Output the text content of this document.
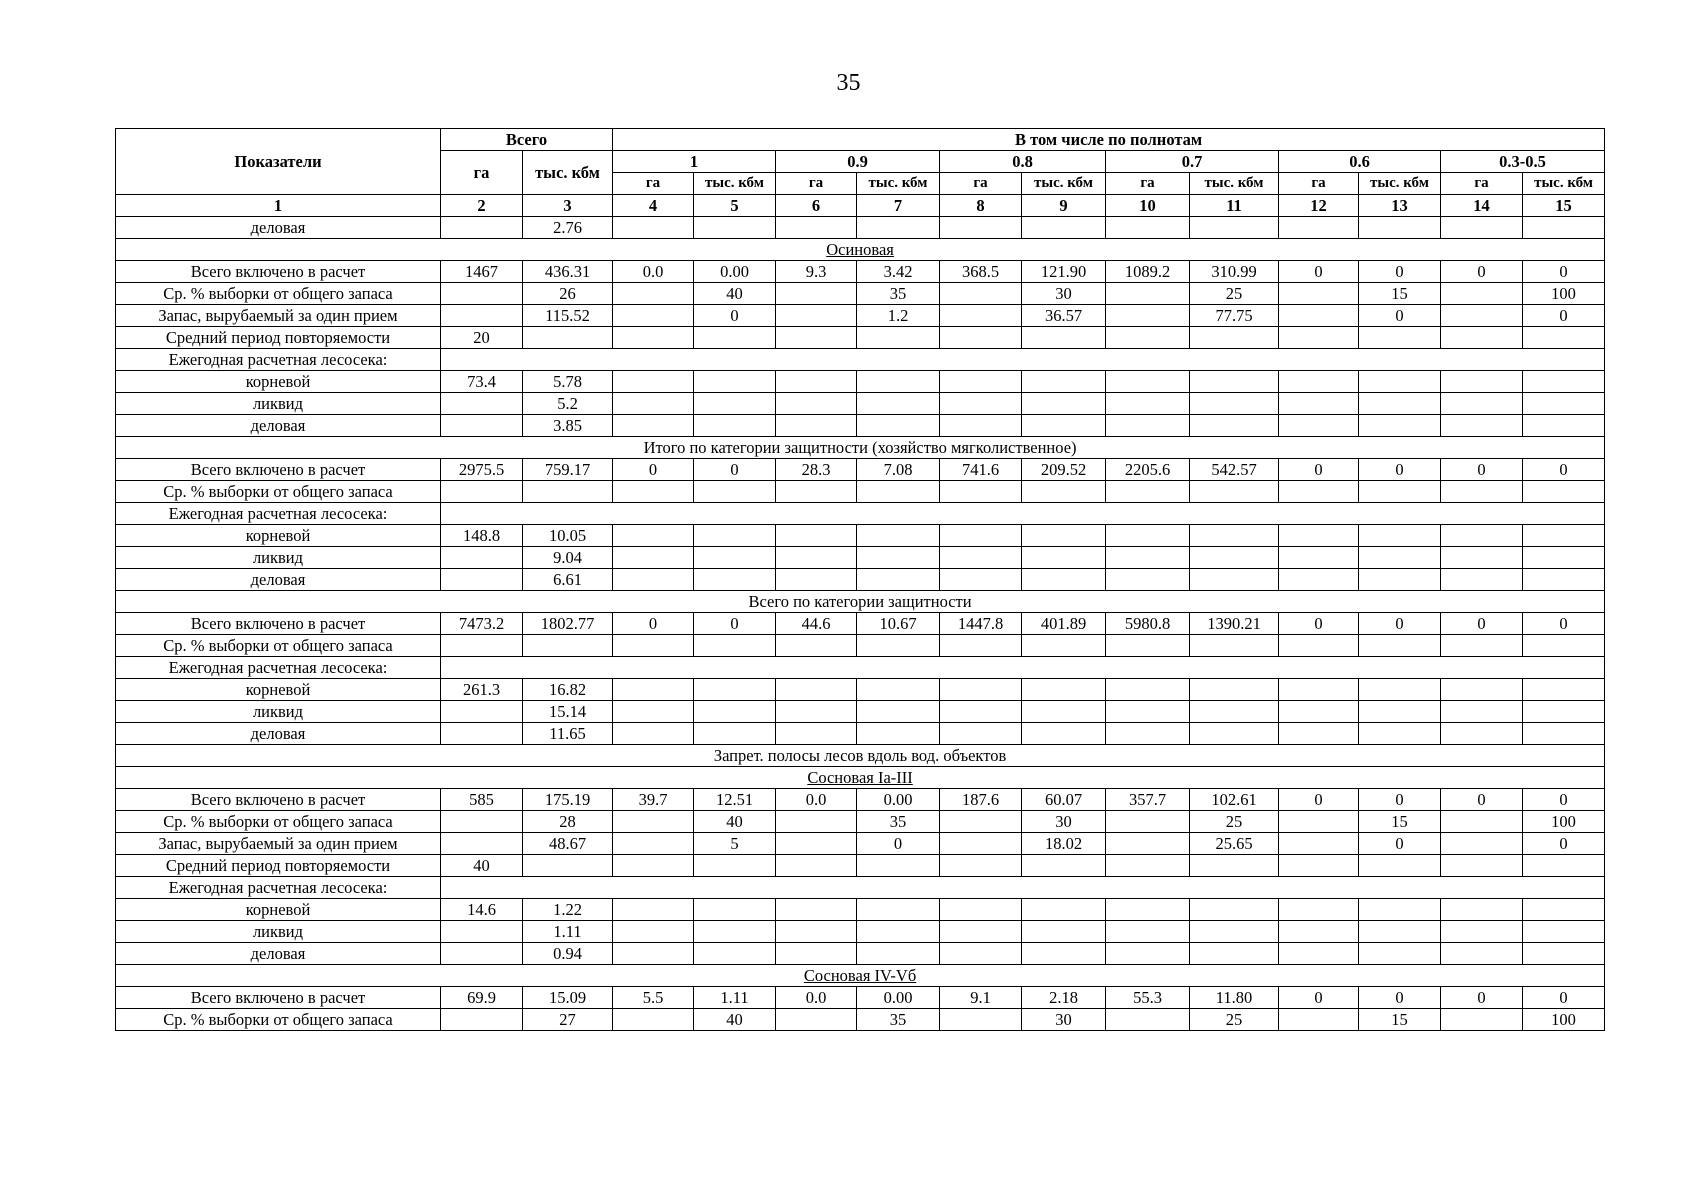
35
Показатели	Всего		В том числе по полнотам											
	га	тыс. кбм	1		0.9		0.8		0.7		0.6		0.3-0.5	
			га	тыс. кбм	га	тыс. кбм	га	тыс. кбм	га	тыс. кбм	га	тыс. кбм	га	тыс. кбм
1	2	3	4	5	6	7	8	9	10	11	12	13	14	15
деловая		2.76												
Осиновая														
Всего включено в расчет	1467	436.31	0.0	0.00	9.3	3.42	368.5	121.90	1089.2	310.99	0	0	0	0
Ср. % выборки от общего запаса		26		40		35		30		25		15		100
Запас, вырубаемый за один прием		115.52		0		1.2		36.57		77.75		0		0
Средний период повторяемости	20													
Ежегодная расчетная лесосека:														
корневой	73.4	5.78												
ликвид		5.2												
деловая		3.85												
Итого по категории защитности (хозяйство мягколиственное)														
Всего включено в расчет	2975.5	759.17	0	0	28.3	7.08	741.6	209.52	2205.6	542.57	0	0	0	0
Ср. % выборки от общего запаса														
Ежегодная расчетная лесосека:														
корневой	148.8	10.05												
ликвид		9.04												
деловая		6.61												
Всего по категории защитности														
Всего включено в расчет	7473.2	1802.77	0	0	44.6	10.67	1447.8	401.89	5980.8	1390.21	0	0	0	0
Ср. % выборки от общего запаса														
Ежегодная расчетная лесосека:														
корневой	261.3	16.82												
ликвид		15.14												
деловая		11.65												
Запрет. полосы лесов вдоль вод. объектов														
Сосновая Ia-III														
Всего включено в расчет	585	175.19	39.7	12.51	0.0	0.00	187.6	60.07	357.7	102.61	0	0	0	0
Ср. % выборки от общего запаса		28		40		35		30		25		15		100
Запас, вырубаемый за один прием		48.67		5		0		18.02		25.65		0		0
Средний период повторяемости	40													
Ежегодная расчетная лесосека:														
корневой	14.6	1.22												
ликвид		1.11												
деловая		0.94												
Сосновая IV-Vб														
Всего включено в расчет	69.9	15.09	5.5	1.11	0.0	0.00	9.1	2.18	55.3	11.80	0	0	0	0
Ср. % выборки от общего запаса		27		40		35		30		25		15		100
